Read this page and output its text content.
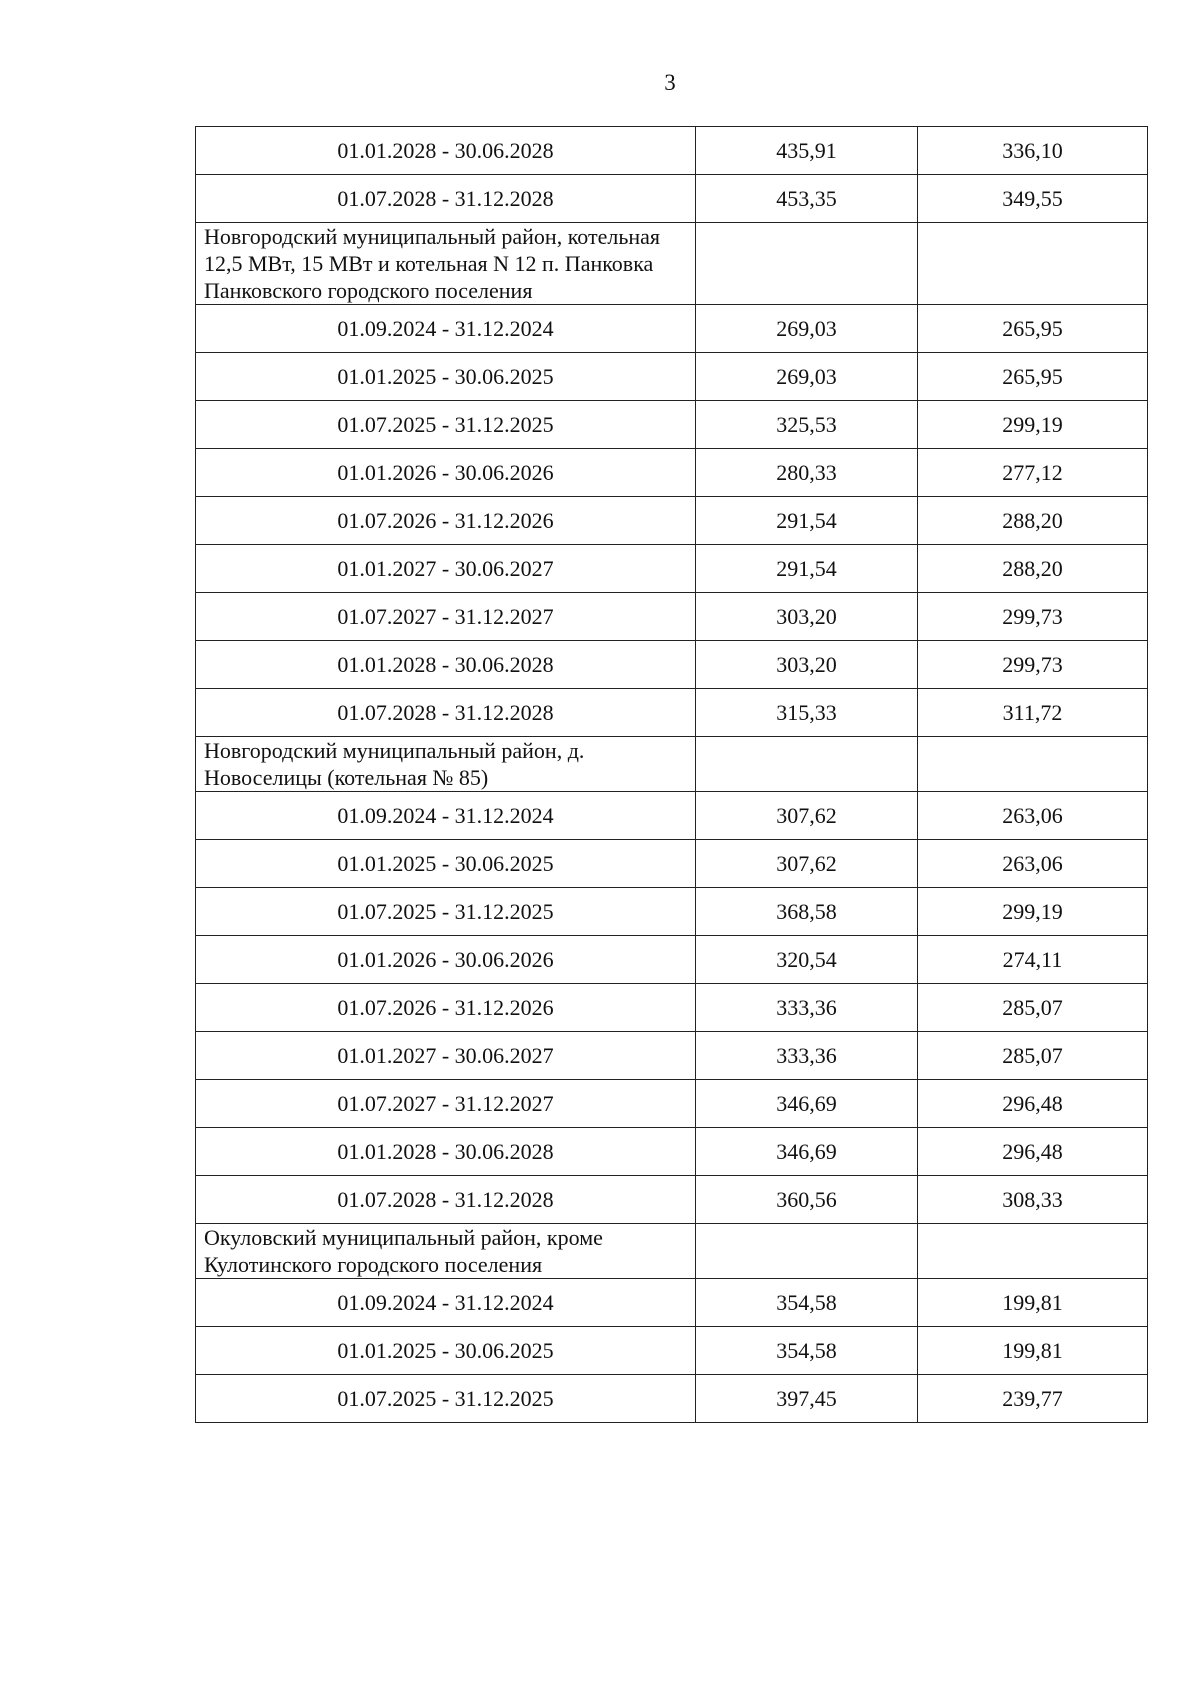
3
01.01.2028 - 30.06.2028	435,91	336,10
01.07.2028 - 31.12.2028	453,35	349,55
Новгородский муниципальный район, котельная 12,5 МВт, 15 МВт и котельная N 12 п. Панковка Панковского городского поселения		
01.09.2024 - 31.12.2024	269,03	265,95
01.01.2025 - 30.06.2025	269,03	265,95
01.07.2025 - 31.12.2025	325,53	299,19
01.01.2026 - 30.06.2026	280,33	277,12
01.07.2026 - 31.12.2026	291,54	288,20
01.01.2027 - 30.06.2027	291,54	288,20
01.07.2027 - 31.12.2027	303,20	299,73
01.01.2028 - 30.06.2028	303,20	299,73
01.07.2028 - 31.12.2028	315,33	311,72
Новгородский муниципальный район, д. Новоселицы (котельная № 85)		
01.09.2024 - 31.12.2024	307,62	263,06
01.01.2025 - 30.06.2025	307,62	263,06
01.07.2025 - 31.12.2025	368,58	299,19
01.01.2026 - 30.06.2026	320,54	274,11
01.07.2026 - 31.12.2026	333,36	285,07
01.01.2027 - 30.06.2027	333,36	285,07
01.07.2027 - 31.12.2027	346,69	296,48
01.01.2028 - 30.06.2028	346,69	296,48
01.07.2028 - 31.12.2028	360,56	308,33
Окуловский муниципальный район, кроме Кулотинского городского поселения		
01.09.2024 - 31.12.2024	354,58	199,81
01.01.2025 - 30.06.2025	354,58	199,81
01.07.2025 - 31.12.2025	397,45	239,77
